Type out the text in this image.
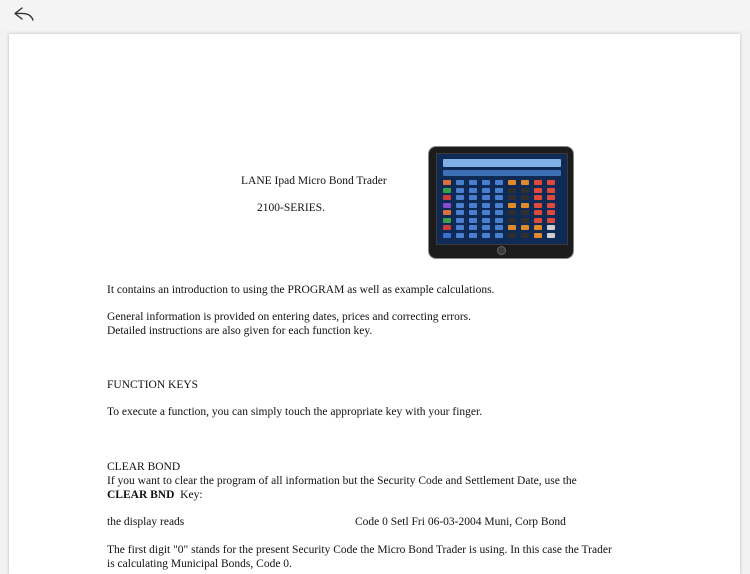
LANE Ipad Micro Bond Trader
2100-SERIES.
It contains an introduction to using the PROGRAM as well as example calculations.
General information is provided on entering dates, prices and correcting errors.
Detailed instructions are also given for each function key.
FUNCTION KEYS
To execute a function, you can simply touch the appropriate key with your finger.
CLEAR BOND
If you want to clear the program of all information but the Security Code and Settlement Date, use the
CLEAR BND Key:
the display reads	Code 0 Setl Fri 06-03-2004 Muni, Corp Bond
The first digit "0" stands for the present Security Code the Micro Bond Trader is using. In this case the Trader
is calculating Municipal Bonds, Code 0.
